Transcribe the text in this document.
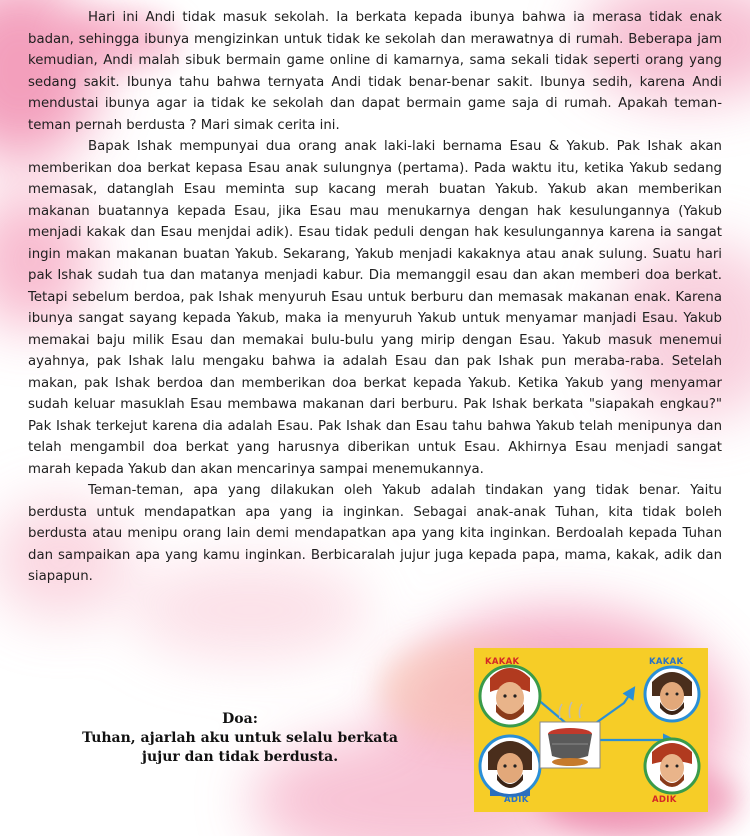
Hari ini Andi tidak masuk sekolah. Ia berkata kepada ibunya bahwa ia merasa tidak enak badan, sehingga ibunya mengizinkan untuk tidak ke sekolah dan merawatnya di rumah. Beberapa jam kemudian, Andi malah sibuk bermain game online di kamarnya, sama sekali tidak seperti orang yang sedang sakit. Ibunya tahu bahwa ternyata Andi tidak benar-benar sakit. Ibunya sedih, karena Andi mendustai ibunya agar ia tidak ke sekolah dan dapat bermain game saja di rumah. Apakah teman-teman pernah berdusta ? Mari simak cerita ini.

Bapak Ishak mempunyai dua orang anak laki-laki bernama Esau & Yakub. Pak Ishak akan memberikan doa berkat kepasa Esau anak sulungnya (pertama). Pada waktu itu, ketika Yakub sedang memasak, datanglah Esau meminta sup kacang merah buatan Yakub. Yakub akan memberikan makanan buatannya kepada Esau, jika Esau mau menukarnya dengan hak kesulungannya (Yakub menjadi kakak dan Esau menjdai adik). Esau tidak peduli dengan hak kesulungannya karena ia sangat ingin makan makanan buatan Yakub. Sekarang, Yakub menjadi kakaknya atau anak sulung. Suatu hari pak Ishak sudah tua dan matanya menjadi kabur. Dia memanggil esau dan akan memberi doa berkat. Tetapi sebelum berdoa, pak Ishak menyuruh Esau untuk berburu dan memasak makanan enak. Karena ibunya sangat sayang kepada Yakub, maka ia menyuruh Yakub untuk menyamar manjadi Esau. Yakub memakai baju milik Esau dan memakai bulu-bulu yang mirip dengan Esau. Yakub masuk menemui ayahnya, pak Ishak lalu mengaku bahwa ia adalah Esau dan pak Ishak pun meraba-raba. Setelah makan, pak Ishak berdoa dan memberikan doa berkat kepada Yakub. Ketika Yakub yang menyamar sudah keluar masuklah Esau membawa makanan dari berburu. Pak Ishak berkata "siapakah engkau?" Pak Ishak terkejut karena dia adalah Esau. Pak Ishak dan Esau tahu bahwa Yakub telah menipunya dan telah mengambil doa berkat yang harusnya diberikan untuk Esau. Akhirnya Esau menjadi sangat marah kepada Yakub dan akan mencarinya sampai menemukannya.

Teman-teman, apa yang dilakukan oleh Yakub adalah tindakan yang tidak benar. Yaitu berdusta untuk mendapatkan apa yang ia inginkan. Sebagai anak-anak Tuhan, kita tidak boleh berdusta atau menipu orang lain demi mendapatkan apa yang kita inginkan. Berdoalah kepada Tuhan dan sampaikan apa yang kamu inginkan. Berbicaralah jujur juga kepada papa, mama, kakak, adik dan siapapun.

Doa:
Tuhan, ajarlah aku untuk selalu berkata
jujur dan tidak berdusta.
KAKAK	KAKAK
ADIK	ADIK
